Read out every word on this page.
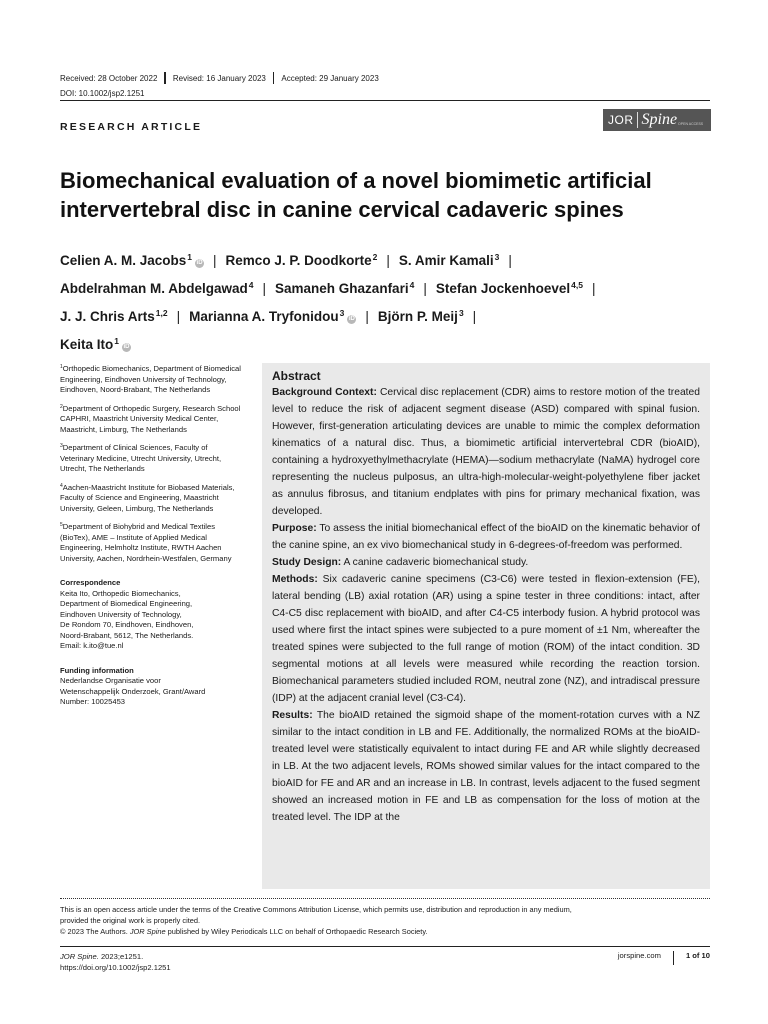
Received: 28 October 2022 Revised: 16 January 2023 Accepted: 29 January 2023
DOI: 10.1002/jsp2.1251
RESEARCH ARTICLE	JOR Spine OPEN ACCESS
Biomechanical evaluation of a novel biomimetic artificial intervertebral disc in canine cervical cadaveric spines
Celien A. M. Jacobs$^1$iD | Remco J. P. Doodkorte$^2$ | S. Amir Kamali$^3$ |
Abdelrahman M. Abdelgawad$^4$ | Samaneh Ghazanfari$^4$ | Stefan Jockenhoevel$^{4,5}$ |
J. J. Chris Arts$^{1,2}$ | Marianna A. Tryfonidou$^3$iD | Björn P. Meij$^3$ |
Keita Ito$^1$iD

$^1$Orthopedic Biomechanics, Department of Biomedical Engineering, Eindhoven University of Technology, Eindhoven, Noord-Brabant, The Netherlands

$^2$Department of Orthopedic Surgery, Research School CAPHRI, Maastricht University Medical Center, Maastricht, Limburg, The Netherlands

$^3$Department of Clinical Sciences, Faculty of Veterinary Medicine, Utrecht University, Utrecht, Utrecht, The Netherlands

$^4$Aachen-Maastricht Institute for Biobased Materials, Faculty of Science and Engineering, Maastricht University, Geleen, Limburg, The Netherlands

$^5$Department of Biohybrid and Medical Textiles (BioTex), AME – Institute of Applied Medical Engineering, Helmholtz Institute, RWTH Aachen University, Aachen, Nordrhein-Westfalen, Germany

Correspondence

Keita Ito, Orthopedic Biomechanics,
Department of Biomedical Engineering,
Eindhoven University of Technology,
De Rondom 70, Eindhoven, Eindhoven,
Noord-Brabant, 5612, The Netherlands.
Email: k.ito@tue.nl

Funding information

Nederlandse Organisatie voor
Wetenschappelijk Onderzoek, Grant/Award
Number: 10025453
Abstract

Background Context: Cervical disc replacement (CDR) aims to restore motion of the treated level to reduce the risk of adjacent segment disease (ASD) compared with spinal fusion. However, first-generation articulating devices are unable to mimic the complex deformation kinematics of a natural disc. Thus, a biomimetic artificial intervertebral CDR (bioAID), containing a hydroxyethylmethacrylate (HEMA)—sodium methacrylate (NaMA) hydrogel core representing the nucleus pulposus, an ultra-high-molecular-weight-polyethylene fiber jacket as annulus fibrosus, and titanium endplates with pins for primary mechanical fixation, was developed.

Purpose: To assess the initial biomechanical effect of the bioAID on the kinematic behavior of the canine spine, an ex vivo biomechanical study in 6-degrees-of-freedom was performed.

Study Design: A canine cadaveric biomechanical study.

Methods: Six cadaveric canine specimens (C3-C6) were tested in flexion-extension (FE), lateral bending (LB) axial rotation (AR) using a spine tester in three conditions: intact, after C4-C5 disc replacement with bioAID, and after C4-C5 interbody fusion. A hybrid protocol was used where first the intact spines were subjected to a pure moment of ±1 Nm, whereafter the treated spines were subjected to the full range of motion (ROM) of the intact condition. 3D segmental motions at all levels were measured while recording the reaction torsion. Biomechanical parameters studied included ROM, neutral zone (NZ), and intradiscal pressure (IDP) at the adjacent cranial level (C3-C4).

Results: The bioAID retained the sigmoid shape of the moment-rotation curves with a NZ similar to the intact condition in LB and FE. Additionally, the normalized ROMs at the bioAID-treated level were statistically equivalent to intact during FE and AR while slightly decreased in LB. At the two adjacent levels, ROMs showed similar values for the intact compared to the bioAID for FE and AR and an increase in LB. In contrast, levels adjacent to the fused segment showed an increased motion in FE and LB as compensation for the loss of motion at the treated level. The IDP at the

This is an open access article under the terms of the Creative Commons Attribution License, which permits use, distribution and reproduction in any medium,

provided the original work is properly cited.

© 2023 The Authors. JOR Spine published by Wiley Periodicals LLC on behalf of Orthopaedic Research Society.

JOR Spine. 2023;e1251.
https://doi.org/10.1002/jsp2.1251
jorspine.com	1 of 10
